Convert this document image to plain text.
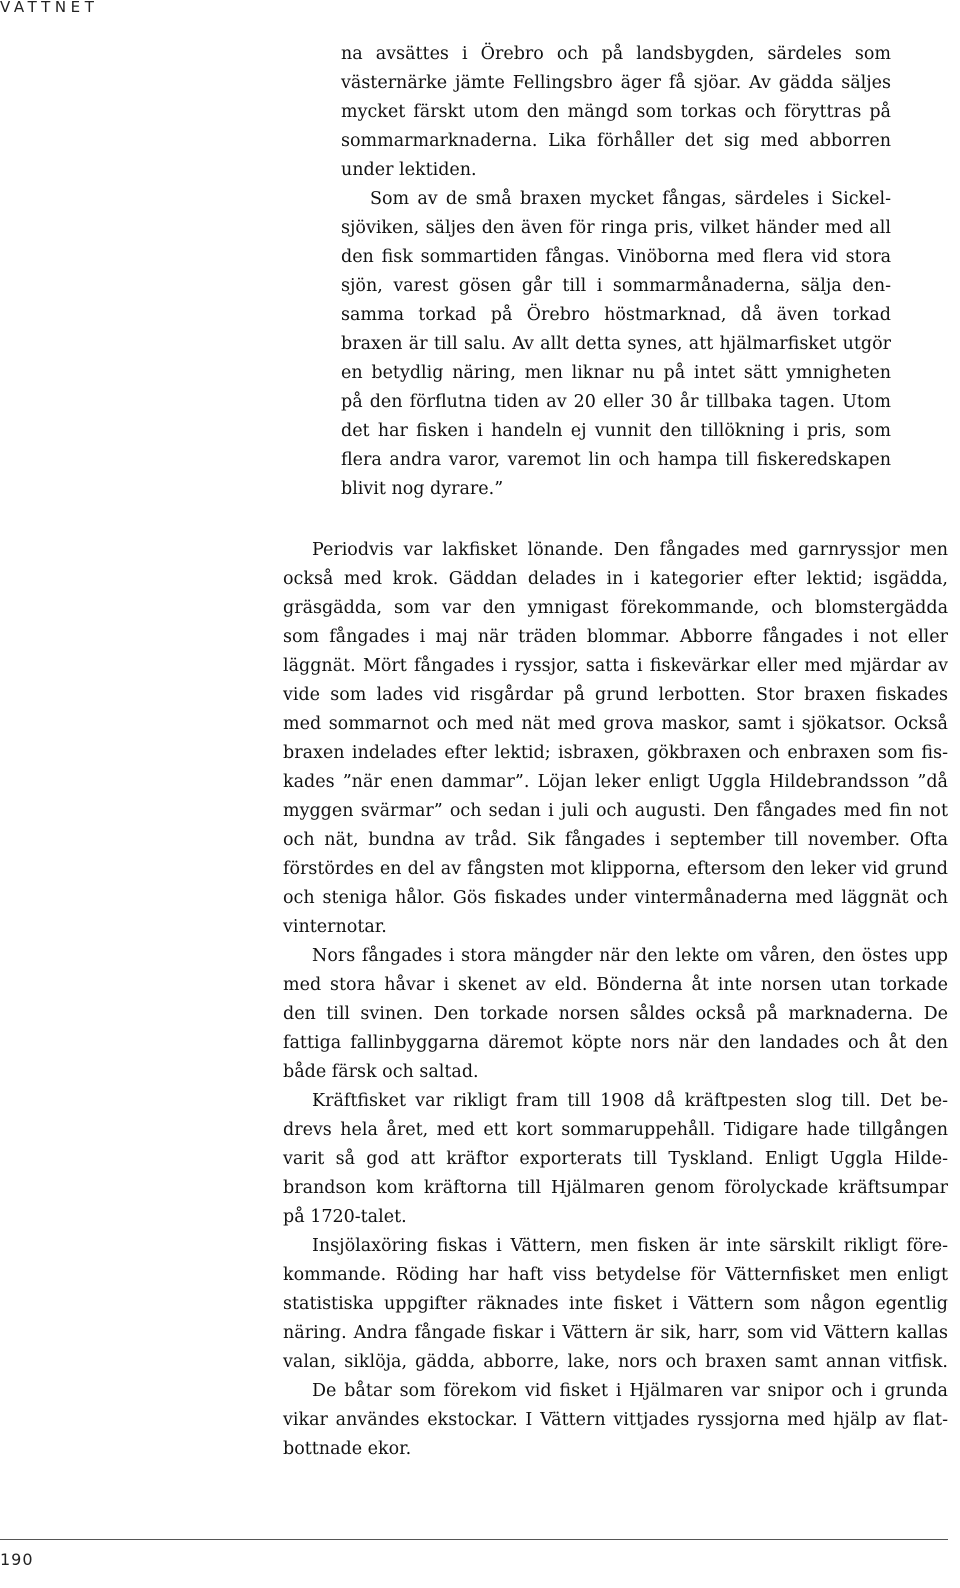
VATTNET
na avsättes i Örebro och på landsbygden, särdeles som
västernärke jämte Fellingsbro äger få sjöar. Av gädda säljes
mycket färskt utom den mängd som torkas och föryttras på
sommarmarknaderna. Lika förhåller det sig med abborren
under lektiden.
Som av de små braxen mycket fångas, särdeles i Sickel-
sjöviken, säljes den även för ringa pris, vilket händer med all
den fisk sommartiden fångas. Vinöborna med flera vid stora
sjön, varest gösen går till i sommarmånaderna, sälja den-
samma torkad på Örebro höstmarknad, då även torkad
braxen är till salu. Av allt detta synes, att hjälmarfisket utgör
en betydlig näring, men liknar nu på intet sätt ymnigheten
på den förflutna tiden av 20 eller 30 år tillbaka tagen. Utom
det har fisken i handeln ej vunnit den tillökning i pris, som
flera andra varor, varemot lin och hampa till fiskeredskapen
blivit nog dyrare.”
Periodvis var lakfisket lönande. Den fångades med garnryssjor men
också med krok. Gäddan delades in i kategorier efter lektid; isgädda,
gräsgädda, som var den ymnigast förekommande, och blomstergädda
som fångades i maj när träden blommar. Abborre fångades i not eller
läggnät. Mört fångades i ryssjor, satta i fiskevärkar eller med mjärdar av
vide som lades vid risgårdar på grund lerbotten. Stor braxen fiskades
med sommarnot och med nät med grova maskor, samt i sjökatsor. Också
braxen indelades efter lektid; isbraxen, gökbraxen och enbraxen som fis-
kades ”när enen dammar”. Löjan leker enligt Uggla Hildebrandsson ”då
myggen svärmar” och sedan i juli och augusti. Den fångades med fin not
och nät, bundna av tråd. Sik fångades i september till november. Ofta
förstördes en del av fångsten mot klipporna, eftersom den leker vid grund
och steniga hålor. Gös fiskades under vintermånaderna med läggnät och
vinternotar.
Nors fångades i stora mängder när den lekte om våren, den östes upp
med stora håvar i skenet av eld. Bönderna åt inte norsen utan torkade
den till svinen. Den torkade norsen såldes också på marknaderna. De
fattiga fallinbyggarna däremot köpte nors när den landades och åt den
både färsk och saltad.
Kräftfisket var rikligt fram till 1908 då kräftpesten slog till. Det be-
drevs hela året, med ett kort sommaruppehåll. Tidigare hade tillgången
varit så god att kräftor exporterats till Tyskland. Enligt Uggla Hilde-
brandson kom kräftorna till Hjälmaren genom förolyckade kräftsumpar
på 1720-talet.
Insjölaxöring fiskas i Vättern, men fisken är inte särskilt rikligt före-
kommande. Röding har haft viss betydelse för Vätternfisket men enligt
statistiska uppgifter räknades inte fisket i Vättern som någon egentlig
näring. Andra fångade fiskar i Vättern är sik, harr, som vid Vättern kallas
valan, siklöja, gädda, abborre, lake, nors och braxen samt annan vitfisk.
De båtar som förekom vid fisket i Hjälmaren var snipor och i grunda
vikar användes ekstockar. I Vättern vittjades ryssjorna med hjälp av flat-
bottnade ekor.
190
